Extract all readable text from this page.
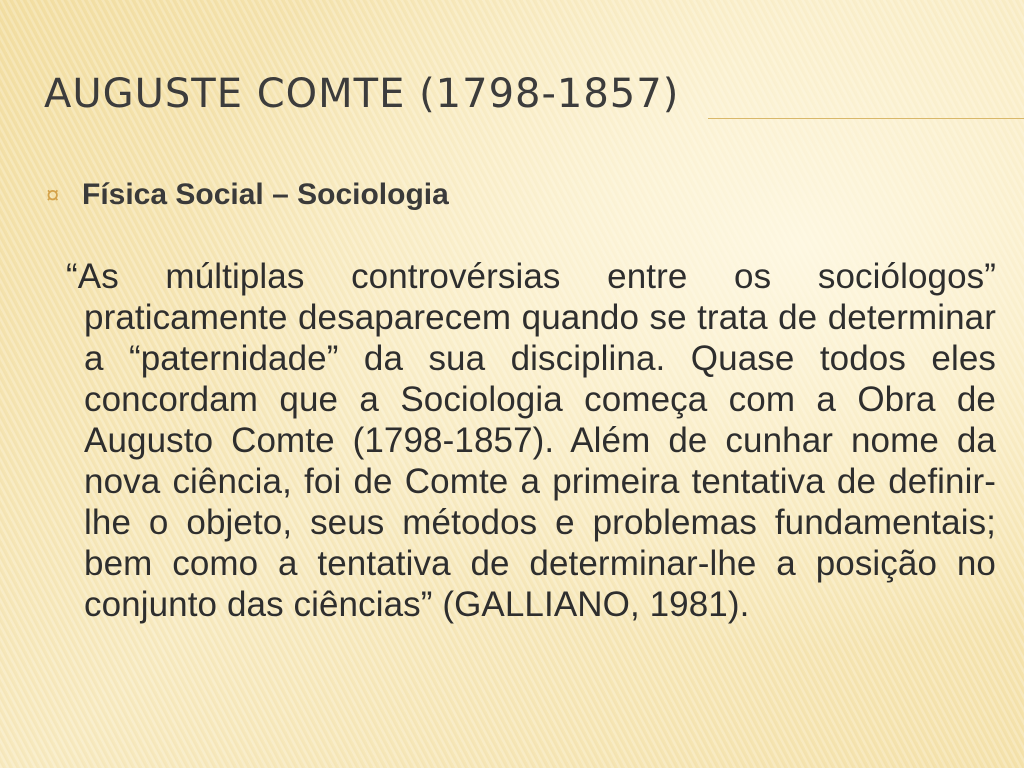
AUGUSTE COMTE (1798-1857)
¤ Física Social – Sociologia

“As múltiplas controvérsias entre os sociólogos” praticamente desaparecem quando se trata de determinar a “paternidade” da sua disciplina. Quase todos eles concordam que a Sociologia começa com a Obra de Augusto Comte (1798-1857). Além de cunhar nome da nova ciência, foi de Comte a primeira tentativa de definir-lhe o objeto, seus métodos e problemas fundamentais; bem como a tentativa de determinar-lhe a posição no conjunto das ciências” (GALLIANO, 1981).
